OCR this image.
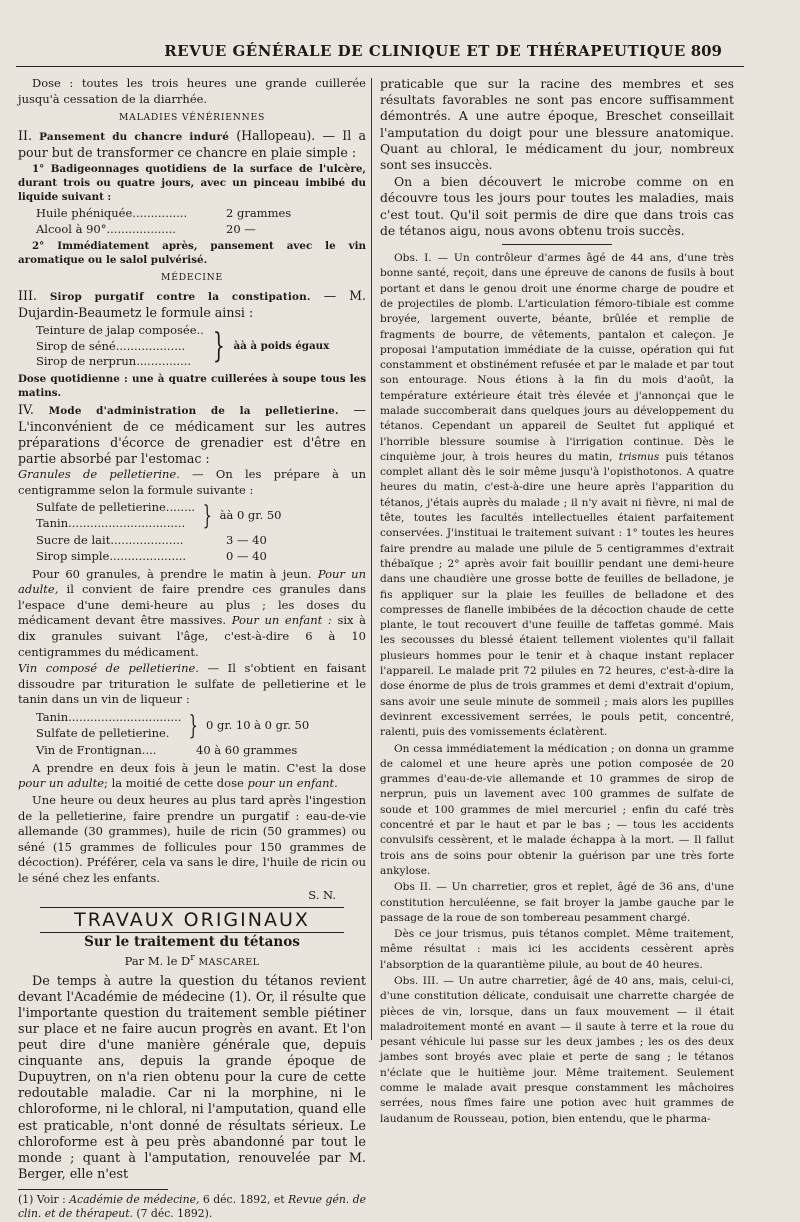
REVUE GÉNÉRALE DE CLINIQUE ET DE THÉRAPEUTIQUE 809

Dose : toutes les trois heures une grande cuillerée jusqu'à cessation de la diarrhée.

MALADIES VÉNÉRIENNES

II. Pansement du chancre induré (Hallopeau). — Il a pour but de transformer ce chancre en plaie simple :

1° Badigeonnages quotidiens de la surface de l'ulcère, durant trois ou quatre jours, avec un pinceau imbibé du liquide suivant :

Huile phéniquée...............	2 grammes
Alcool à 90°...................	20 —

2° Immédiatement après, pansement avec le vin aromatique ou le salol pulvérisé.

MÉDECINE

III. Sirop purgatif contre la constipation. — M. Dujardin-Beaumetz le formule ainsi :

Teinture de jalap composée..
Sirop de séné...................
Sirop de nerprun............... } àà à poids égaux

Dose quotidienne : une à quatre cuillerées à soupe tous les matins.

IV. Mode d'administration de la pelletierine. — L'inconvénient de ce médicament sur les autres préparations d'écorce de grenadier est d'être en partie absorbé par l'estomac :

Granules de pelletierine. — On les prépare à un centigramme selon la formule suivante :

Sulfate de pelletierine........
Tanin................................ } àà 0 gr. 50
Sucre de lait....................	3 — 40
Sirop simple.....................	0 — 40

Pour 60 granules, à prendre le matin à jeun. Pour un adulte, il convient de faire prendre ces granules dans l'espace d'une demi-heure au plus ; les doses du médicament devant être massives. Pour un enfant : six à dix granules suivant l'âge, c'est-à-dire 6 à 10 centigrammes du médicament.

Vin composé de pelletierine. — Il s'obtient en faisant dissoudre par trituration le sulfate de pelletierine et le tanin dans un vin de liqueur :

Tanin...............................
Sulfate de pelletierine. } 0 gr. 10 à 0 gr. 50
Vin de Frontignan....	40 à 60 grammes

A prendre en deux fois à jeun le matin. C'est la dose pour un adulte; la moitié de cette dose pour un enfant.

Une heure ou deux heures au plus tard après l'ingestion de la pelletierine, faire prendre un purgatif : eau-de-vie allemande (30 grammes), huile de ricin (50 grammes) ou séné (15 grammes de follicules pour 150 grammes de décoction). Préférer, cela va sans le dire, l'huile de ricin ou le séné chez les enfants.

S. N.

TRAVAUX ORIGINAUX
Sur le traitement du tétanos
Par M. le $D^r$ MASCAREL

De temps à autre la question du tétanos revient devant l'Académie de médecine (1). Or, il résulte que l'importante question du traitement semble piétiner sur place et ne faire aucun progrès en avant. Et l'on peut dire d'une manière générale que, depuis cinquante ans, depuis la grande époque de Dupuytren, on n'a rien obtenu pour la cure de cette redoutable maladie. Car ni la morphine, ni le chloroforme, ni le chloral, ni l'amputation, quand elle est praticable, n'ont donné de résultats sérieux. Le chloroforme est à peu près abandonné par tout le monde ; quant à l'amputation, renouvelée par M. Berger, elle n'est

(1) Voir : Académie de médecine, 6 déc. 1892, et Revue gén. de clin. et de thérapeut. (7 déc. 1892).

praticable que sur la racine des membres et ses résultats favorables ne sont pas encore suffisamment démontrés. A une autre époque, Breschet conseillait l'amputation du doigt pour une blessure anatomique. Quant au chloral, le médicament du jour, nombreux sont ses insuccès.

On a bien découvert le microbe comme on en découvre tous les jours pour toutes les maladies, mais c'est tout. Qu'il soit permis de dire que dans trois cas de tétanos aigu, nous avons obtenu trois succès.

Obs. I. — Un contrôleur d'armes âgé de 44 ans, d'une très bonne santé, reçoit, dans une épreuve de canons de fusils à bout portant et dans le genou droit une énorme charge de poudre et de projectiles de plomb. L'articulation fémoro-tibiale est comme broyée, largement ouverte, béante, brûlée et remplie de fragments de bourre, de vêtements, pantalon et caleçon. Je proposai l'amputation immédiate de la cuisse, opération qui fut constamment et obstinément refusée et par le malade et par tout son entourage. Nous étions à la fin du mois d'août, la température extérieure était très élevée et j'annonçai que le malade succomberait dans quelques jours au développement du tétanos. Cependant un appareil de Seultet fut appliqué et l'horrible blessure soumise à l'irrigation continue. Dès le cinquième jour, à trois heures du matin, trismus puis tétanos complet allant dès le soir même jusqu'à l'opisthotonos. A quatre heures du matin, c'est-à-dire une heure après l'apparition du tétanos, j'étais auprès du malade ; il n'y avait ni fièvre, ni mal de tête, toutes les facultés intellectuelles étaient parfaitement conservées. J'instituai le traitement suivant : 1° toutes les heures faire prendre au malade une pilule de 5 centigrammes d'extrait thébaïque ; 2° après avoir fait bouillir pendant une demi-heure dans une chaudière une grosse botte de feuilles de belladone, je fis appliquer sur la plaie les feuilles de belladone et des compresses de flanelle imbibées de la décoction chaude de cette plante, le tout recouvert d'une feuille de taffetas gommé. Mais les secousses du blessé étaient tellement violentes qu'il fallait plusieurs hommes pour le tenir et à chaque instant replacer l'appareil. Le malade prit 72 pilules en 72 heures, c'est-à-dire la dose énorme de plus de trois grammes et demi d'extrait d'opium, sans avoir une seule minute de sommeil ; mais alors les pupilles devinrent excessivement serrées, le pouls petit, concentré, ralenti, puis des vomissements éclatèrent.

On cessa immédiatement la médication ; on donna un gramme de calomel et une heure après une potion composée de 20 grammes d'eau-de-vie allemande et 10 grammes de sirop de nerprun, puis un lavement avec 100 grammes de sulfate de soude et 100 grammes de miel mercuriel ; enfin du café très concentré et par le haut et par le bas ; — tous les accidents convulsifs cessèrent, et le malade échappa à la mort. — Il fallut trois ans de soins pour obtenir la guérison par une très forte ankylose.

Obs II. — Un charretier, gros et replet, âgé de 36 ans, d'une constitution herculéenne, se fait broyer la jambe gauche par le passage de la roue de son tombereau pesamment chargé.

Dès ce jour trismus, puis tétanos complet. Même traitement, même résultat : mais ici les accidents cessèrent après l'absorption de la quarantième pilule, au bout de 40 heures.

Obs. III. — Un autre charretier, âgé de 40 ans, mais, celui-ci, d'une constitution délicate, conduisait une charrette chargée de pièces de vin, lorsque, dans un faux mouvement — il était maladroitement monté en avant — il saute à terre et la roue du pesant véhicule lui passe sur les deux jambes ; les os des deux jambes sont broyés avec plaie et perte de sang ; le tétanos n'éclate que le huitième jour. Même traitement. Seulement comme le malade avait presque constamment les mâchoires serrées, nous fîmes faire une potion avec huit grammes de laudanum de Rousseau, potion, bien entendu, que le pharma-
